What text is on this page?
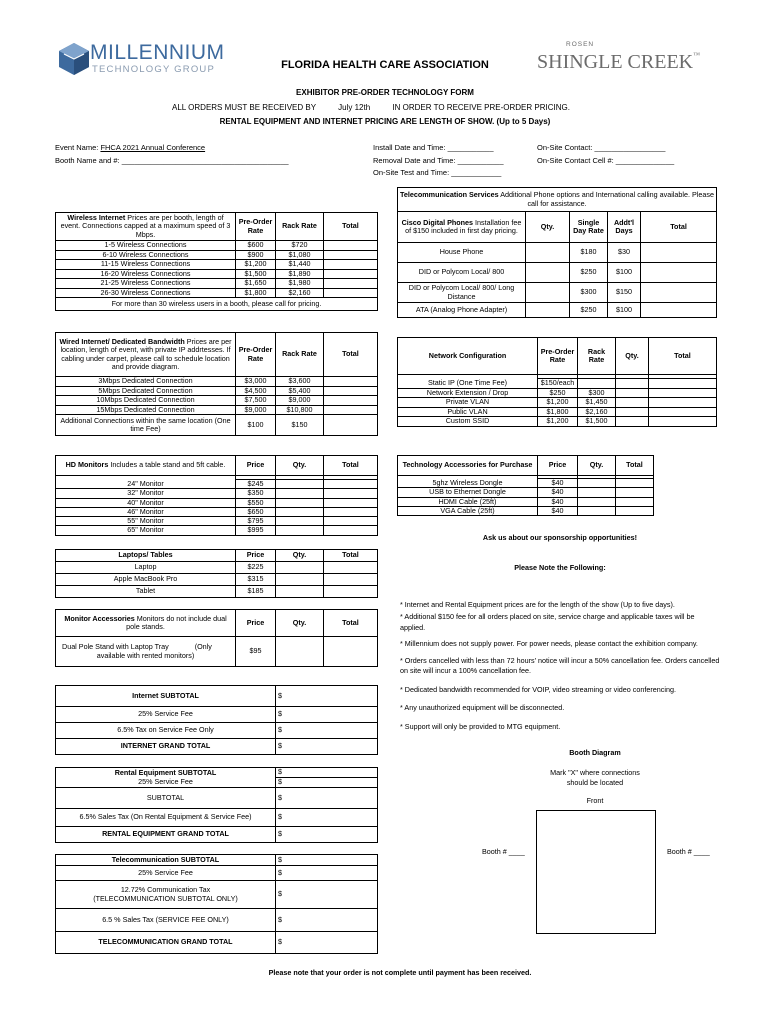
MILLENNIUM
TECHNOLOGY GROUP	FLORIDA HEALTH CARE ASSOCIATION
ROSEN
SHINGLE CREEK™
EXHIBITOR PRE-ORDER TECHNOLOGY FORM
ALL ORDERS MUST BE RECEIVED BY	July 12th	IN ORDER TO RECEIVE PRE-ORDER PRICING.
RENTAL EQUIPMENT AND INTERNET PRICING ARE LENGTH OF SHOW. (Up to 5 Days)
Event Name: FHCA 2021 Annual Conference
Booth Name and #: ________________________________________
Install Date and Time: ___________
Removal Date and Time: ___________
On-Site Test and Time: ____________
On-Site Contact: _________________
On-Site Contact Cell #: ______________
Wireless Internet Prices are per booth, length of event. Connections capped at a maximum speed of 3 Mbps.	Pre-Order Rate	Rack Rate	Total
1-5 Wireless Connections	$600	$720	
6-10 Wireless Connections	$900	$1,080	
11-15 Wireless Connections	$1,200	$1,440	
16-20 Wireless Connections	$1,500	$1,890	
21-25 Wireless Connections	$1,650	$1,980	
26-30 Wireless Connections	$1,800	$2,160	
For more than 30 wireless users in a booth, please call for pricing.			
Wired Internet/ Dedicated Bandwidth Prices are per location, length of event, with private IP addrtesses. If cabling under carpet, please call to schedule location and provide diagram.	Pre-Order Rate	Rack Rate	Total
3Mbps Dedicated Connection	$3,000	$3,600	
5Mbps Dedicated Connection	$4,500	$5,400	
10Mbps Dedicated Connection	$7,500	$9,000	
15Mbps Dedicated Connection	$9,000	$10,800	
Additional Connections within the same location (One time Fee)	$100	$150	
HD Monitors Includes a table stand and 5ft cable.	Price	Qty.	Total

24" Monitor	$245		
32" Monitor	$350		
40" Monitor	$550		
46" Monitor	$650		
55" Monitor	$795		
65" Monitor	$995		
Laptops/ Tables	Price	Qty.	Total
Laptop	$225		
Apple MacBook Pro	$315		
Tablet	$185		
Monitor Accessories Monitors do not include dual pole stands.	Price	Qty.	Total

Dual Pole Stand with Laptop Tray (Only
available with rented monitors)	$95		
Internet SUBTOTAL	$
25% Service Fee	$
6.5% Tax on Service Fee Only	$
INTERNET GRAND TOTAL	$
Rental Equipment SUBTOTAL	$
25% Service Fee	$
SUBTOTAL	$
6.5% Sales Tax (On Rental Equipment & Service Fee)	$
RENTAL EQUIPMENT GRAND TOTAL	$
Telecommunication SUBTOTAL	$
25% Service Fee	$

12.72% Communication Tax
(TELECOMMUNICATION SUBTOTAL ONLY)	$
6.5 % Sales Tax (SERVICE FEE ONLY)	$
TELECOMMUNICATION GRAND TOTAL	$
Telecommunication Services Additional Phone options and International calling available. Please call for assistance.				
Cisco Digital Phones Installation fee of $150 included in first day pricing.	Qty.	Single Day Rate	Addt'l Days	Total
House Phone		$180	$30	
DID or Polycom Local/ 800		$250	$100	
DID or Polycom Local/ 800/ Long Distance		$300	$150	
ATA (Analog Phone Adapter)		$250	$100	
Network Configuration	Pre-Order Rate	Rack Rate	Qty.	Total

Static IP (One Time Fee)	$150/each			
Network Extension / Drop	$250	$300		
Private VLAN	$1,200	$1,450		
Public VLAN	$1,800	$2,160		
Custom SSID	$1,200	$1,500		
Technology Accessories for Purchase	Price	Qty.	Total

5ghz Wireless Dongle	$40		
USB to Ethernet Dongle	$40		
HDMI Cable (25ft)	$40		
VGA Cable (25ft)	$40		
Ask us about our sponsorship opportunities!
Please Note the Following:
* Internet and Rental Equipment prices are for the length of the show (Up to five days).
* Additional $150 fee for all orders placed on site, service charge and applicable taxes will be applied.
* Millennium does not supply power. For power needs, please contact the exhibition company.
* Orders cancelled with less than 72 hours' notice will incur a 50% cancellation fee. Orders cancelled on site will incur a 100% cancellation fee.
* Dedicated bandwidth recommended for VOIP, video streaming or video conferencing.
* Any unauthorized equipment will be disconnected.
* Support will only be provided to MTG equipment.
Booth Diagram
Mark "X" where connections
should be located
Front
Booth # ____	Booth # ____
Please note that your order is not complete until payment has been received.
